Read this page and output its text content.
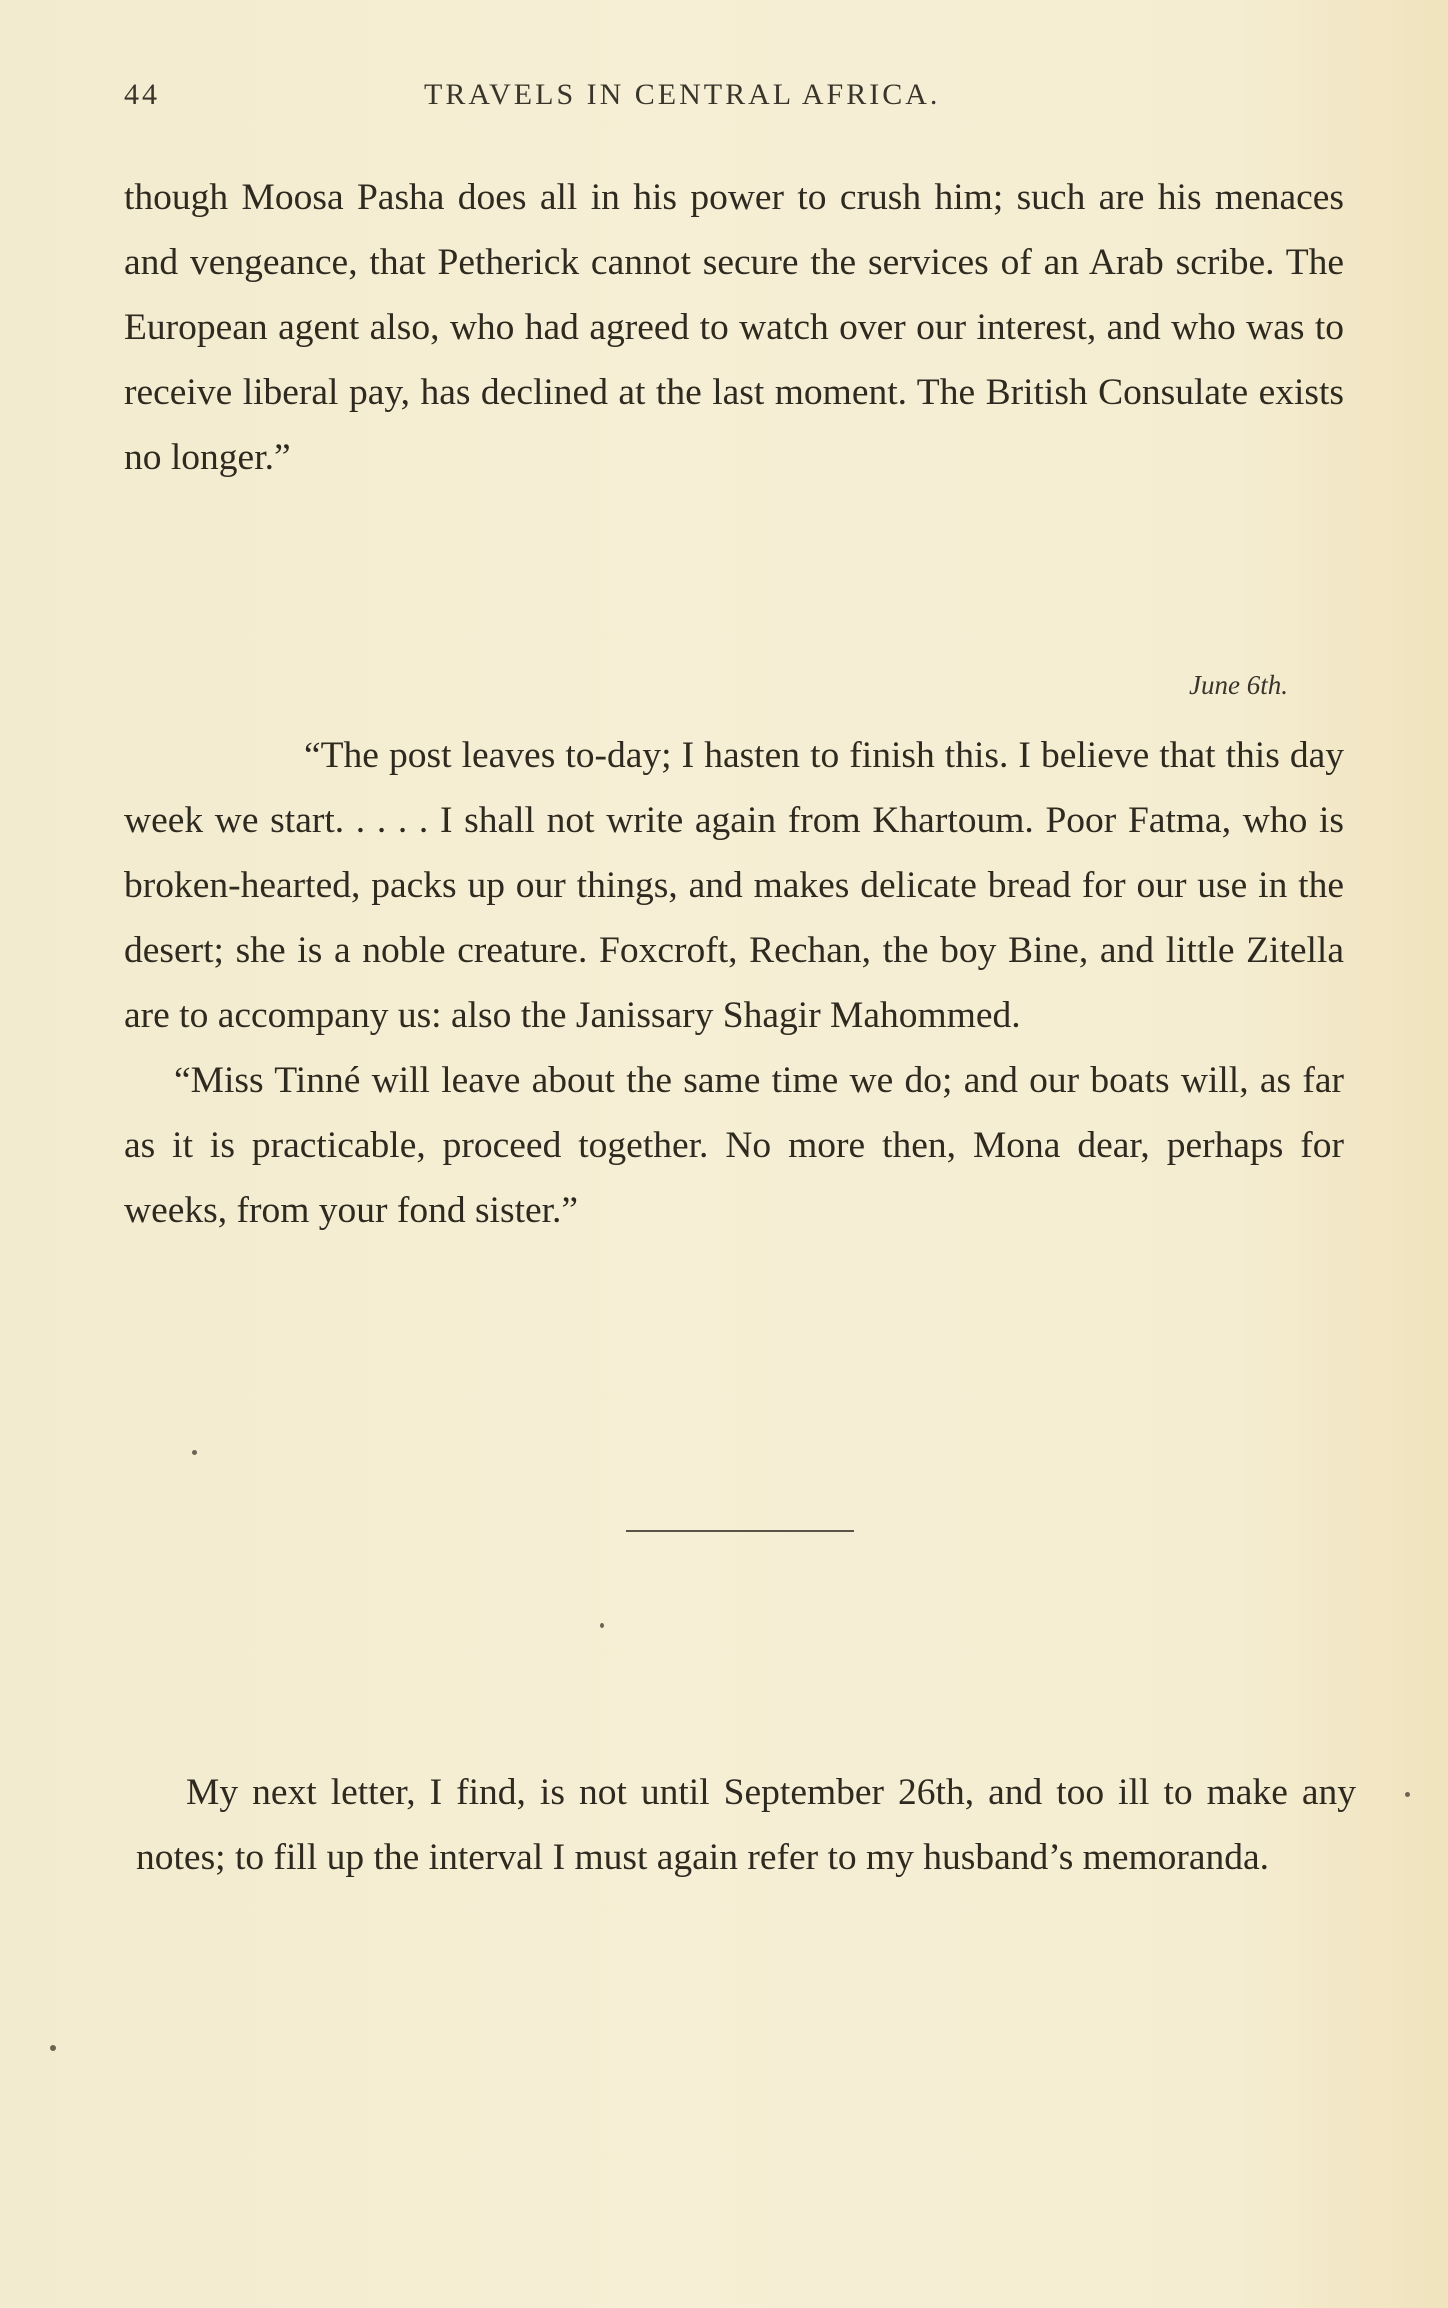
44	TRAVELS IN CENTRAL AFRICA.

though Moosa Pasha does all in his power to crush him; such are his menaces and vengeance, that Petherick cannot secure the services of an Arab scribe. The European agent also, who had agreed to watch over our interest, and who was to receive liberal pay, has declined at the last moment. The British Consulate exists no longer.”

June 6th.

“The post leaves to-day; I hasten to finish this. I believe that this day week we start. . . . . I shall not write again from Khartoum. Poor Fatma, who is broken-hearted, packs up our things, and makes delicate bread for our use in the desert; she is a noble creature. Foxcroft, Rechan, the boy Bine, and little Zitella are to accompany us: also the Janissary Shagir Mahommed.

“Miss Tinné will leave about the same time we do; and our boats will, as far as it is practicable, proceed together. No more then, Mona dear, perhaps for weeks, from your fond sister.”

My next letter, I find, is not until September 26th, and too ill to make any notes; to fill up the interval I must again refer to my husband’s memoranda.
